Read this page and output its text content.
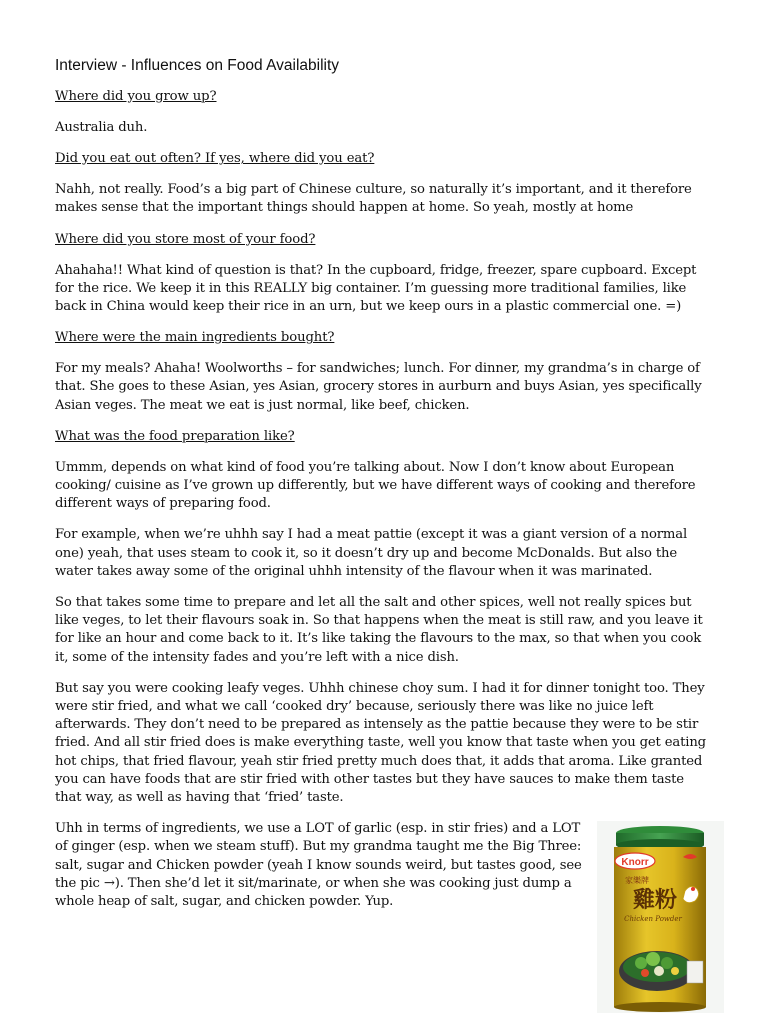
Interview - Influences on Food Availability
Where did you grow up?
Australia duh.
Did you eat out often? If yes, where did you eat?
Nahh, not really. Food’s a big part of Chinese culture, so naturally it’s important, and it therefore makes sense that the important things should happen at home. So yeah, mostly at home
Where did you store most of your food?
Ahahaha!! What kind of question is that? In the cupboard, fridge, freezer, spare cupboard. Except for the rice. We keep it in this REALLY big container. I’m guessing more traditional families, like back in China would keep their rice in an urn, but we keep ours in a plastic commercial one. =)
Where were the main ingredients bought?
For my meals? Ahaha! Woolworths – for sandwiches; lunch. For dinner, my grandma’s in charge of that. She goes to these Asian, yes Asian, grocery stores in aurburn and buys Asian, yes specifically Asian veges. The meat we eat is just normal, like beef, chicken.
What was the food preparation like?
Ummm, depends on what kind of food you’re talking about. Now I don’t know about European cooking/ cuisine as I’ve grown up differently, but we have different ways of cooking and therefore different ways of preparing food.
For example, when we’re uhhh say I had a meat pattie (except it was a giant version of a normal one) yeah, that uses steam to cook it, so it doesn’t dry up and become McDonalds. But also the water takes away some of the original uhhh intensity of the flavour when it was marinated.
So that takes some time to prepare and let all the salt and other spices, well not really spices but like veges, to let their flavours soak in. So that happens when the meat is still raw, and you leave it for like an hour and come back to it. It’s like taking the flavours to the max, so that when you cook it, some of the intensity fades and you’re left with a nice dish.
But say you were cooking leafy veges. Uhhh chinese choy sum. I had it for dinner tonight too. They were stir fried, and what we call ‘cooked dry’ because, seriously there was like no juice left afterwards. They don’t need to be prepared as intensely as the pattie because they were to be stir fried. And all stir fried does is make everything taste, well you know that taste when you get eating hot chips, that fried flavour, yeah stir fried pretty much does that, it adds that aroma. Like granted you can have foods that are stir fried with other tastes but they have sauces to make them taste that way, as well as having that ‘fried’ taste.
Uhh in terms of ingredients, we use a LOT of garlic (esp. in stir fries) and a LOT of ginger (esp. when we steam stuff). But my grandma taught me the Big Three: salt, sugar and Chicken powder (yeah I know sounds weird, but tastes good, see the pic →). Then she’d let it sit/marinate, or when she was cooking just dump a whole heap of salt, sugar, and chicken powder. Yup.
Knorr
家樂牌
雞粉
Chicken Powder
